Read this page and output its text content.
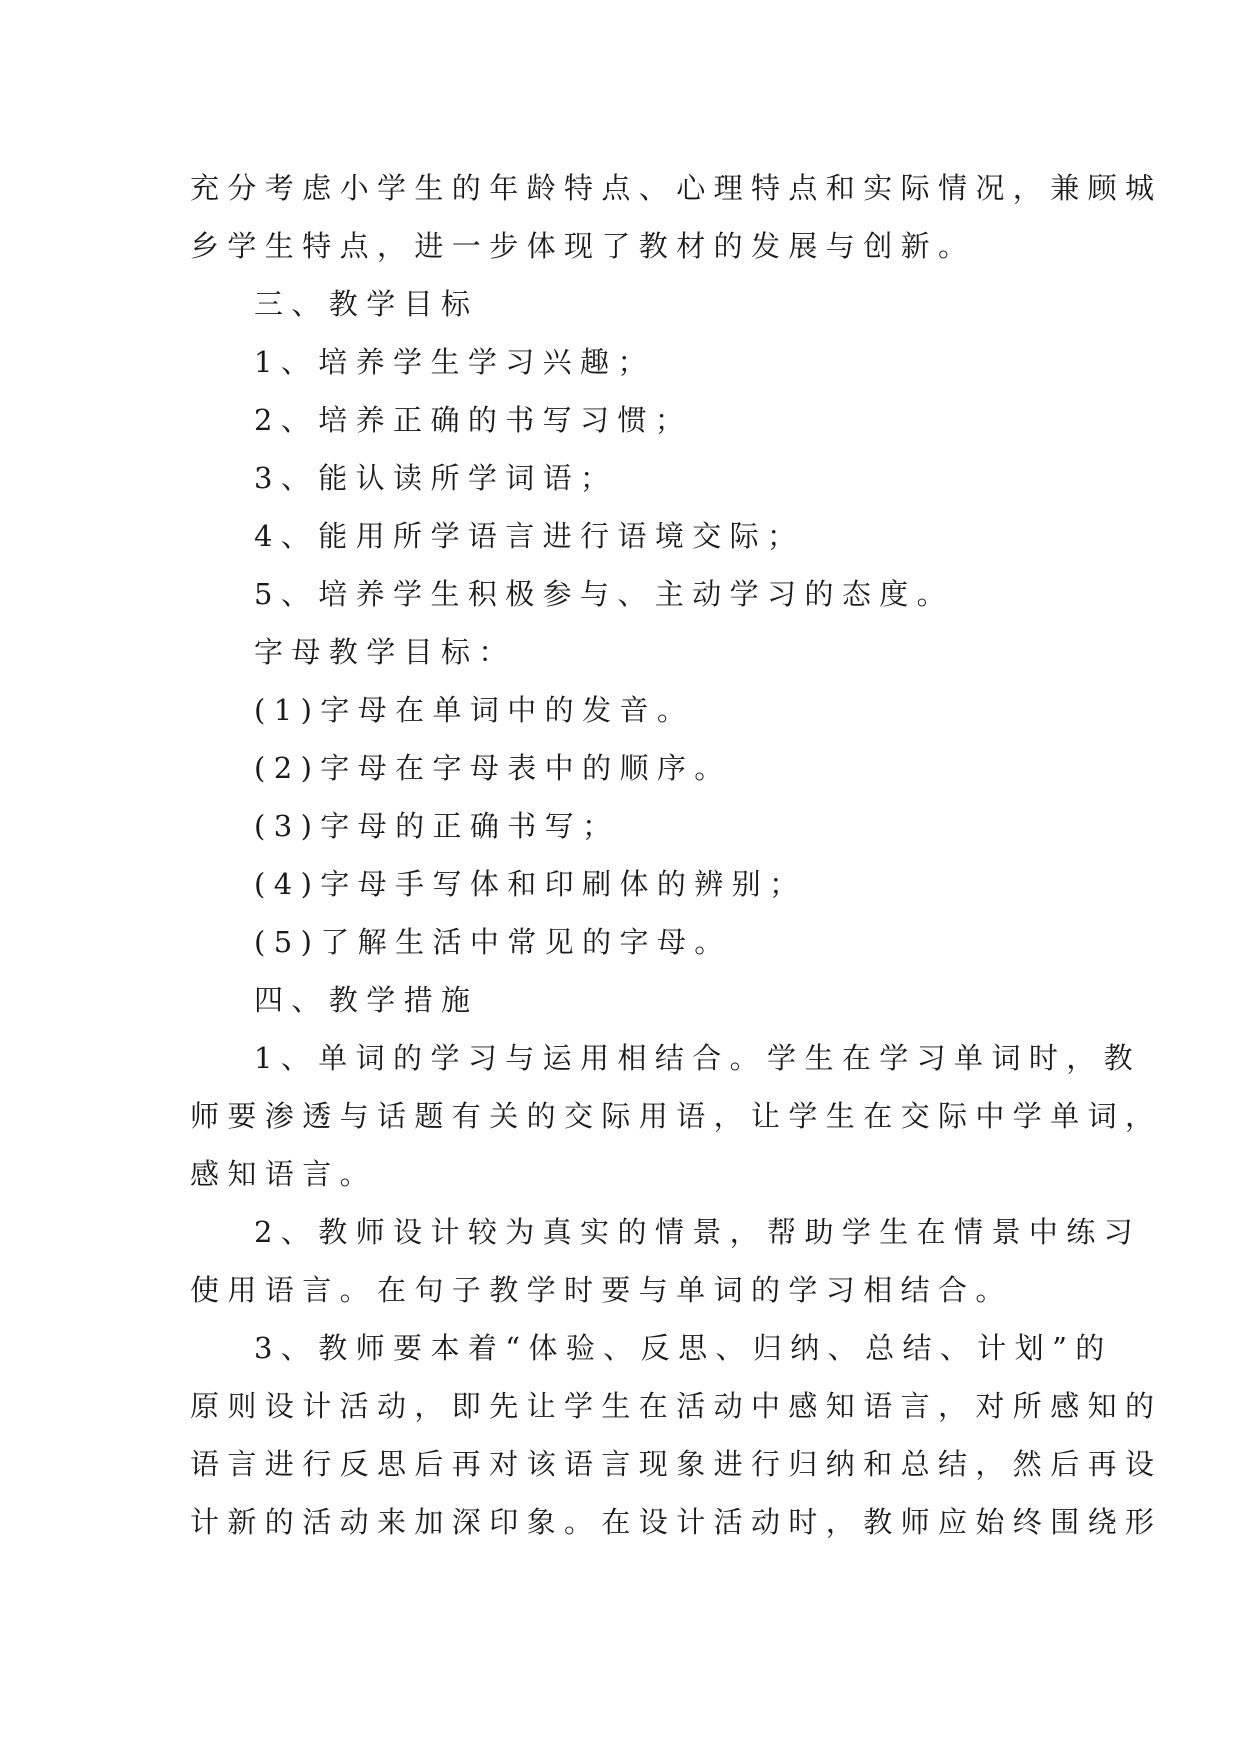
充分考虑小学生的年龄特点、心理特点和实际情况，兼顾城
乡学生特点，进一步体现了教材的发展与创新。
三、教学目标
1、培养学生学习兴趣；
2、培养正确的书写习惯；
3、能认读所学词语；
4、能用所学语言进行语境交际；
5、培养学生积极参与、主动学习的态度。
字母教学目标：
(1)字母在单词中的发音。
(2)字母在字母表中的顺序。
(3)字母的正确书写；
(4)字母手写体和印刷体的辨别；
(5)了解生活中常见的字母。
四、教学措施
1、单词的学习与运用相结合。学生在学习单词时，教
师要渗透与话题有关的交际用语，让学生在交际中学单词，
感知语言。
2、教师设计较为真实的情景，帮助学生在情景中练习
使用语言。在句子教学时要与单词的学习相结合。
3、教师要本着“体验、反思、归纳、总结、计划”的
原则设计活动，即先让学生在活动中感知语言，对所感知的
语言进行反思后再对该语言现象进行归纳和总结，然后再设
计新的活动来加深印象。在设计活动时，教师应始终围绕形
